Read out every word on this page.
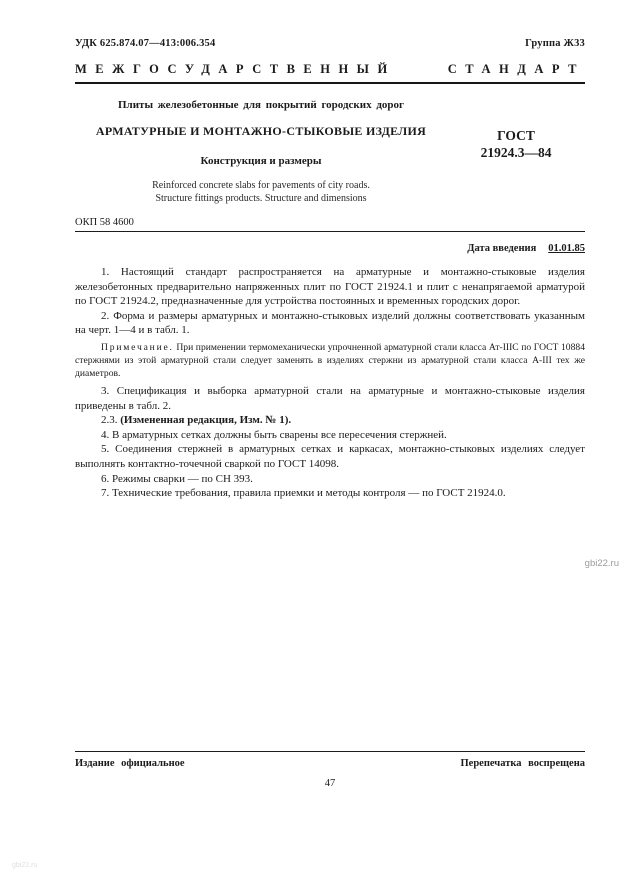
УДК 625.874.07—413:006.354	Группа Ж33
МЕЖГОСУДАРСТВЕННЫЙ	СТАНДАРТ
Плиты железобетонные для покрытий городских дорог
АРМАТУРНЫЕ И МОНТАЖНО-СТЫКОВЫЕ ИЗДЕЛИЯ
Конструкция и размеры
Reinforced concrete slabs for pavements of city roads.
Structure fittings products. Structure and dimensions
ГОСТ
21924.3—84
ОКП 58 4600
Дата введения 01.01.85

1. Настоящий стандарт распространяется на арматурные и монтажно-стыковые изделия железобетонных предварительно напряженных плит по ГОСТ 21924.1 и плит с ненапрягаемой арматурой по ГОСТ 21924.2, предназначенные для устройства постоянных и временных городских дорог.

2. Форма и размеры арматурных и монтажно-стыковых изделий должны соответствовать указанным на черт. 1—4 и в табл. 1.

Примечание. При применении термомеханически упрочненной арматурной стали класса Ат-IIIС по ГОСТ 10884 стержнями из этой арматурной стали следует заменять в изделиях стержни из арматурной стали класса А-III тех же диаметров.

3. Спецификация и выборка арматурной стали на арматурные и монтажно-стыковые изделия приведены в табл. 2.

2.3. (Измененная редакция, Изм. № 1).

4. В арматурных сетках должны быть сварены все пересечения стержней.

5. Соединения стержней в арматурных сетках и каркасах, монтажно-стыковых изделиях следует выполнять контактно-точечной сваркой по ГОСТ 14098.

6. Режимы сварки — по СН 393.

7. Технические требования, правила приемки и методы контроля — по ГОСТ 21924.0.

Издание официальное	Перепечатка воспрещена
47
gbi22.ru
gbi22.ru
